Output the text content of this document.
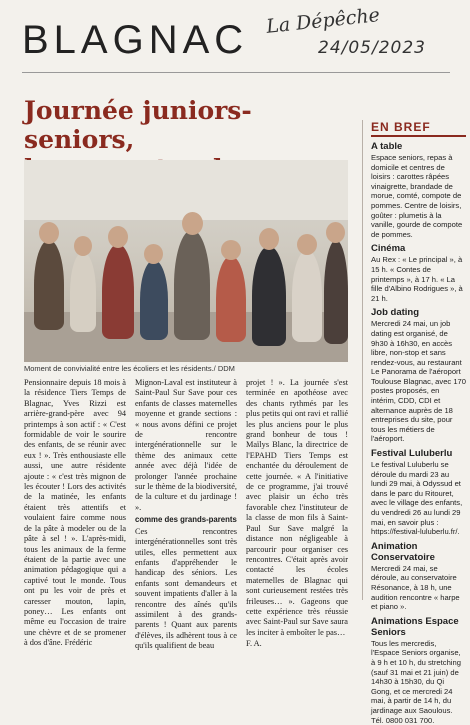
BLAGNAC La Dépêche
24/05/2023
Journée juniors-seniors,
Moment de convivialité entre les écoliers et les résidents./ DDM

Pensionnaire depuis 18 mois à la résidence Tiers Temps de Blagnac, Yves Rizzi est arrière-grand-père avec 94 printemps à son actif : « C'est formidable de voir le sourire des enfants, de se réunir avec eux ! ». Très enthousiaste elle aussi, une autre résidente ajoute : « c'est très mignon de les écouter ! Lors des activités de la matinée, les enfants étaient très attentifs et voulaient faire comme nous de la pâte à modeler ou de la pâte à sel ! ». L'après-midi, tous les animaux de la ferme étaient de la partie avec une animation pédagogique qui a captivé tout le monde. Tous ont pu les voir de près et caresser mouton, lapin, poney… Les enfants ont même eu l'occasion de traire une chèvre et de se promener à dos d'âne. Frédéric

Mignon-Laval est instituteur à Saint-Paul Sur Save pour ces enfants de classes maternelles moyenne et grande sections : « nous avons défini ce projet de rencontre intergénérationnelle sur le thème des animaux cette année avec déjà l'idée de prolonger l'année prochaine sur le thème de la biodiversité, de la culture et du jardinage ! ».

comme des grands-parents

Ces rencontres intergénérationnelles sont très utiles, elles permettent aux enfants d'appréhender le handicap des séniors. Les enfants sont demandeurs et souvent impatients d'aller à la rencontre des aînés qu'ils assimilent à des grands-parents ! Quant aux parents d'élèves, ils adhèrent tous à ce qu'ils qualifient de beau

projet ! ». La journée s'est terminée en apothéose avec des chants rythmés par les plus petits qui ont ravi et rallié les plus anciens pour le plus grand bonheur de tous ! Maïlys Blanc, la directrice de l'EPAHD Tiers Temps est enchantée du déroulement de cette journée. « A l'initiative de ce programme, j'ai trouvé avec plaisir un écho très favorable chez l'instituteur de la classe de mon fils à Saint-Paul Sur Save malgré la distance non négligeable à parcourir pour organiser ces rencontres. C'était après avoir contacté les écoles maternelles de Blagnac qui sont curieusement restées très frileuses… ». Gageons que cette expérience très réussie avec Saint-Paul sur Save saura les inciter à emboîter le pas…

F. A.

EN BREF
A table

Espace seniors, repas à domicile et centres de loisirs : carottes râpées vinaigrette, brandade de morue, comté, compote de pommes. Centre de loisirs, goûter : plumetis à la vanille, gourde de compote de pommes.

Cinéma

Au Rex : « Le principal », à 15 h. « Contes de printemps », à 17 h. « La fille d'Albino Rodrigues », à 21 h.

Job dating

Mercredi 24 mai, un job dating est organisé, de 9h30 à 16h30, en accès libre, non-stop et sans rendez-vous, au restaurant Le Panorama de l'aéroport Toulouse Blagnac, avec 170 postes proposés, en intérim, CDD, CDI et alternance auprès de 18 entreprises du site, pour tous les métiers de l'aéroport.

Festival Luluberlu

Le festival Luluberlu se déroule du mardi 23 au lundi 29 mai, à Odyssud et dans le parc du Ritouret, avec le village des enfants, du vendredi 26 au lundi 29 mai, en savoir plus : https://festival-luluberlu.fr/.

Animation Conservatoire

Mercredi 24 mai, se déroule, au conservatoire Résonance, à 18 h, une audition rencontre « harpe et piano ».

Animations Espace Seniors

Tous les mercredis, l'Espace Seniors organise, à 9 h et 10 h, du stretching (sauf 31 mai et 21 juin) de 14h30 à 15h30, du Qi Gong, et ce mercredi 24 mai, à partir de 14 h, du jardinage aux Saoulous. Tél. 0800 031 700.
